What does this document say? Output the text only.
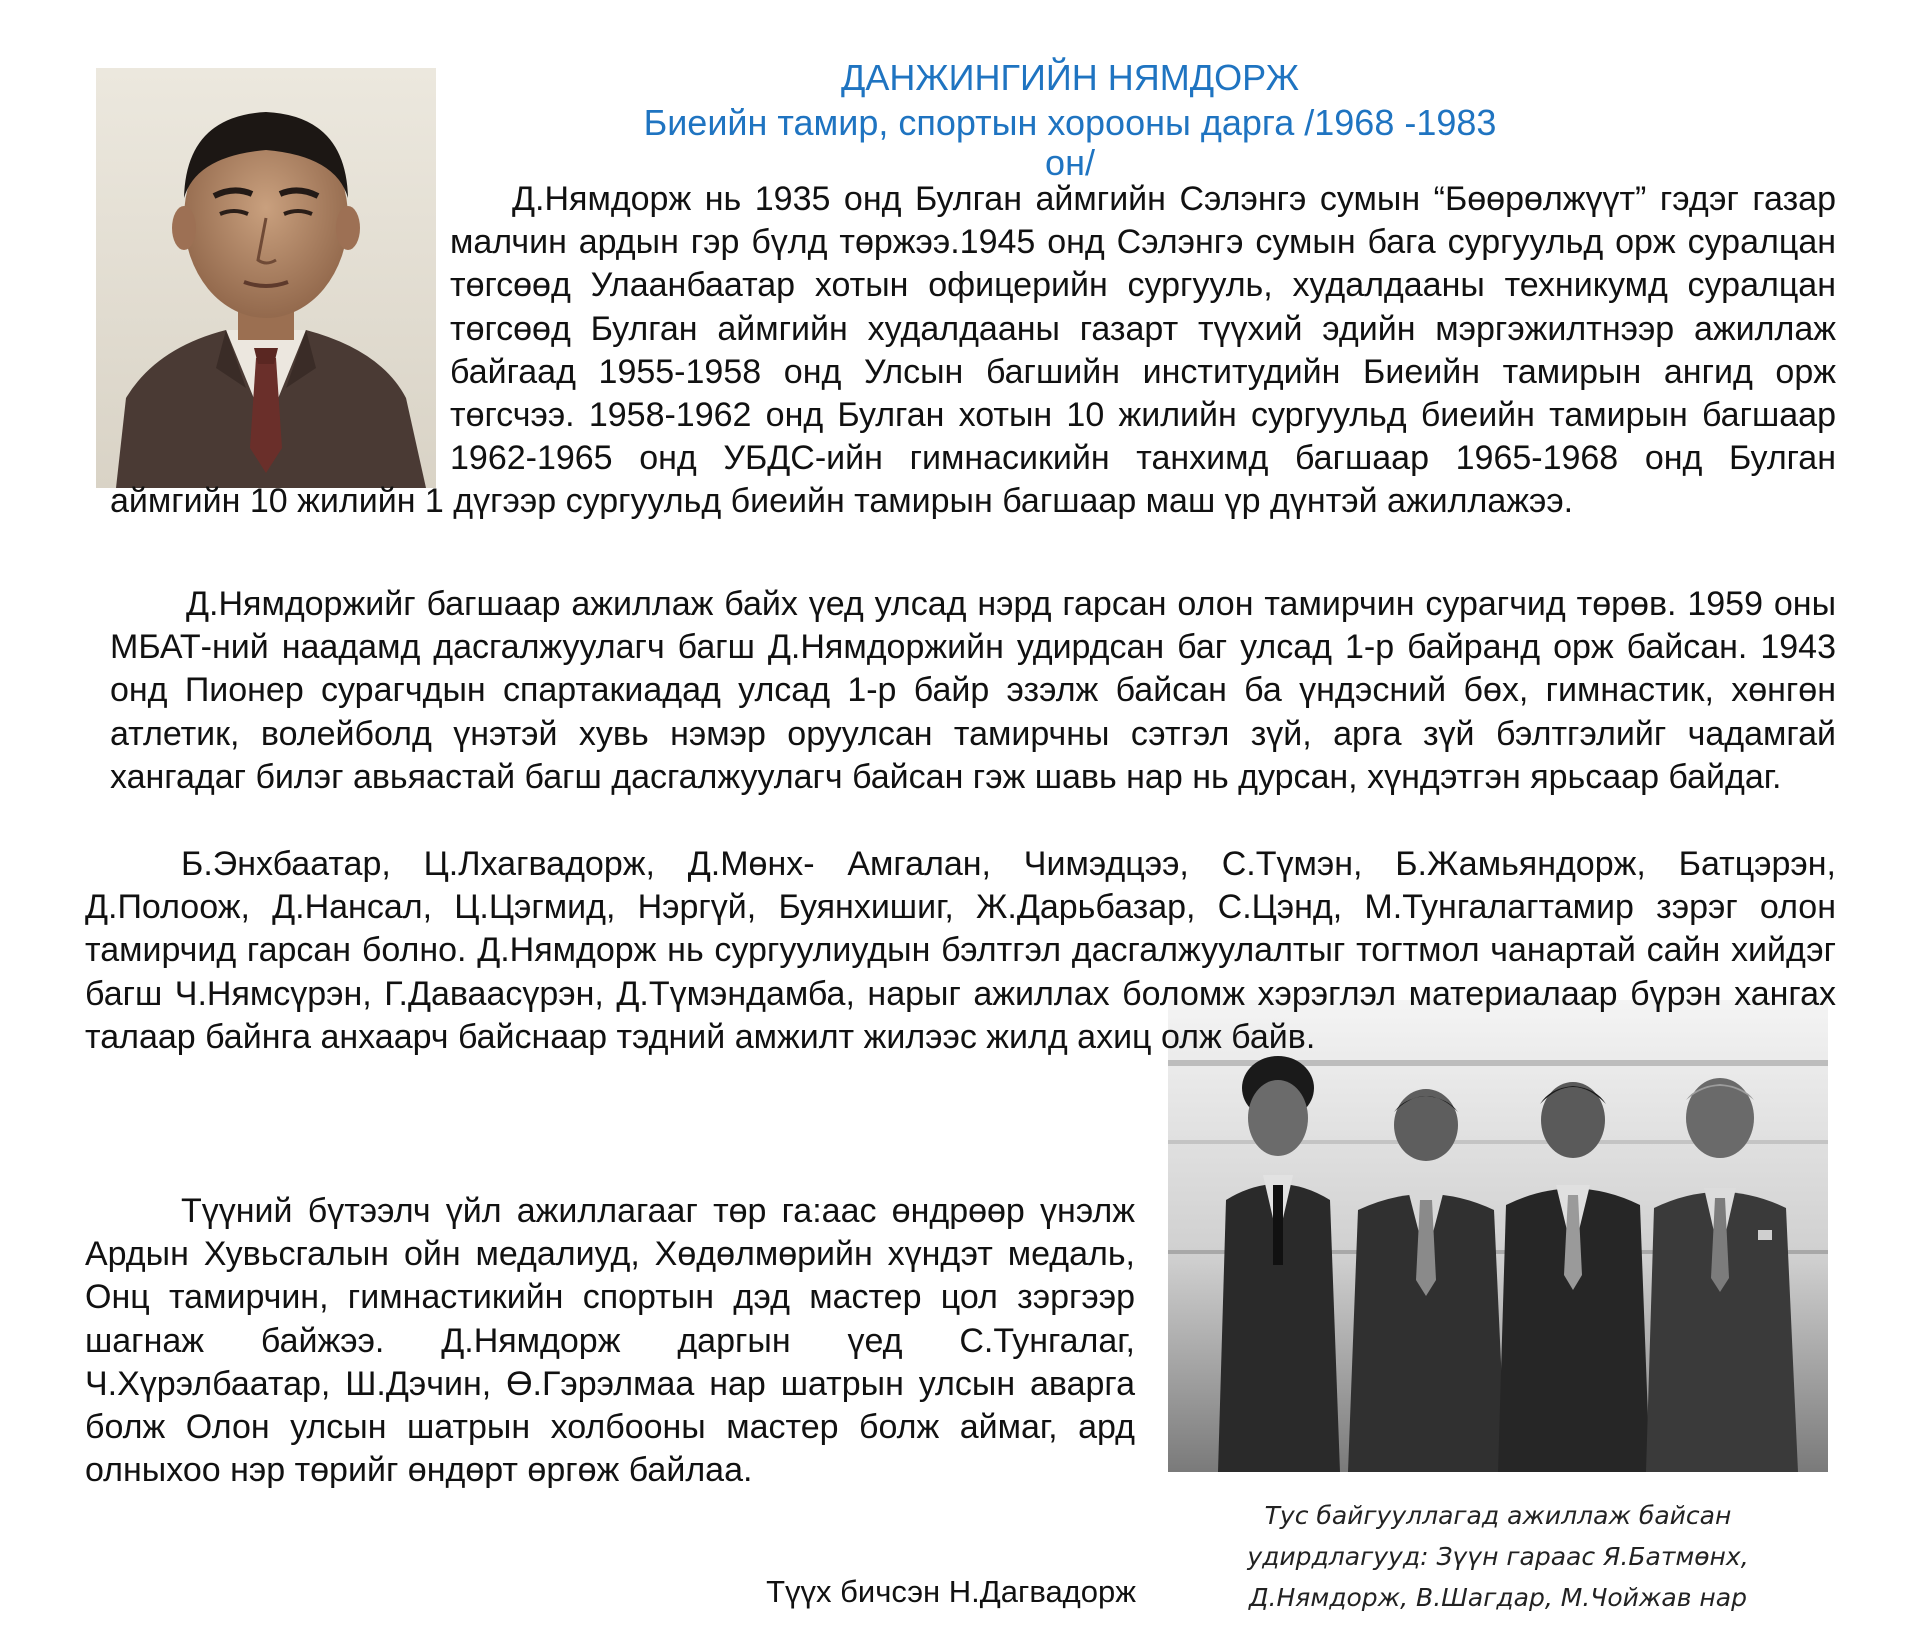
ДАНЖИНГИЙН НЯМДОРЖ
Биеийн тамир, спортын хорооны дарга /1968 -1983 он/

Д.Нямдорж нь 1935 онд Булган аймгийн Сэлэнгэ сумын “Бөөрөлжүүт” гэдэг газар малчин ардын гэр бүлд төржээ.1945 онд Сэлэнгэ сумын бага сургуульд орж суралцан төгсөөд Улаанбаатар хотын офицерийн сургууль, худалдааны техникумд суралцан төгсөөд Булган аймгийн худалдааны газарт түүхий эдийн мэргэжилтнээр ажиллаж байгаад 1955-1958 онд Улсын багшийн институдийн Биеийн тамирын ангид орж төгсчээ. 1958-1962 онд Булган хотын 10 жилийн сургуульд биеийн тамирын багшаар 1962-1965 онд УБДС-ийн гимнасикийн танхимд багшаар 1965-1968 онд Булган аймгийн 10 жилийн 1 дүгээр сургуульд биеийн тамирын багшаар маш үр дүнтэй ажиллажээ.

Д.Нямдоржийг багшаар ажиллаж байх үед улсад нэрд гарсан олон тамирчин сурагчид төрөв. 1959 оны МБАТ-ний наадамд дасгалжуулагч багш Д.Нямдоржийн удирдсан баг улсад 1-р байранд орж байсан. 1943 онд Пионер сурагчдын спартакиадад улсад 1-р байр эзэлж байсан ба үндэсний бөх, гимнастик, хөнгөн атлетик, волейболд үнэтэй хувь нэмэр оруулсан тамирчны сэтгэл зүй, арга зүй бэлтгэлийг чадамгай хангадаг билэг авьяастай багш дасгалжуулагч байсан гэж шавь нар нь дурсан, хүндэтгэн ярьсаар байдаг.

Б.Энхбаатар, Ц.Лхагвадорж, Д.Мөнх- Амгалан, Чимэдцээ, С.Түмэн, Б.Жамьяндорж, Батцэрэн, Д.Полоож, Д.Нансал, Ц.Цэгмид, Нэргүй, Буянхишиг, Ж.Дарьбазар, С.Цэнд, М.Тунгалагтамир зэрэг олон тамирчид гарсан болно. Д.Нямдорж нь сургуулиудын бэлтгэл дасгалжуулалтыг тогтмол чанартай сайн хийдэг багш Ч.Нямсүрэн, Г.Даваасүрэн, Д.Түмэндамба, нарыг ажиллах боломж хэрэглэл материалаар бүрэн хангах талаар байнга анхаарч байснаар тэдний амжилт жилээс жилд ахиц олж байв.

Түүний бүтээлч үйл ажиллагааг төр га:аас өндрөөр үнэлж Ардын Хувьсгалын ойн медалиуд, Хөдөлмөрийн хүндэт медаль, Онц тамирчин, гимнастикийн спортын дэд мастер цол зэргээр шагнаж байжээ. Д.Нямдорж даргын үед С.Тунгалаг, Ч.Хүрэлбаатар, Ш.Дэчин, Ө.Гэрэлмаа нар шатрын улсын аварга болж Олон улсын шатрын холбооны мастер болж аймаг, ард олныхоо нэр төрийг өндөрт өргөж байлаа.

Тус байгууллагад ажиллаж байсан
удирдлагууд: Зүүн гараас Я.Батмөнх,
Д.Нямдорж, В.Шагдар, М.Чойжав нар
Түүх бичсэн Н.Дагвадорж
